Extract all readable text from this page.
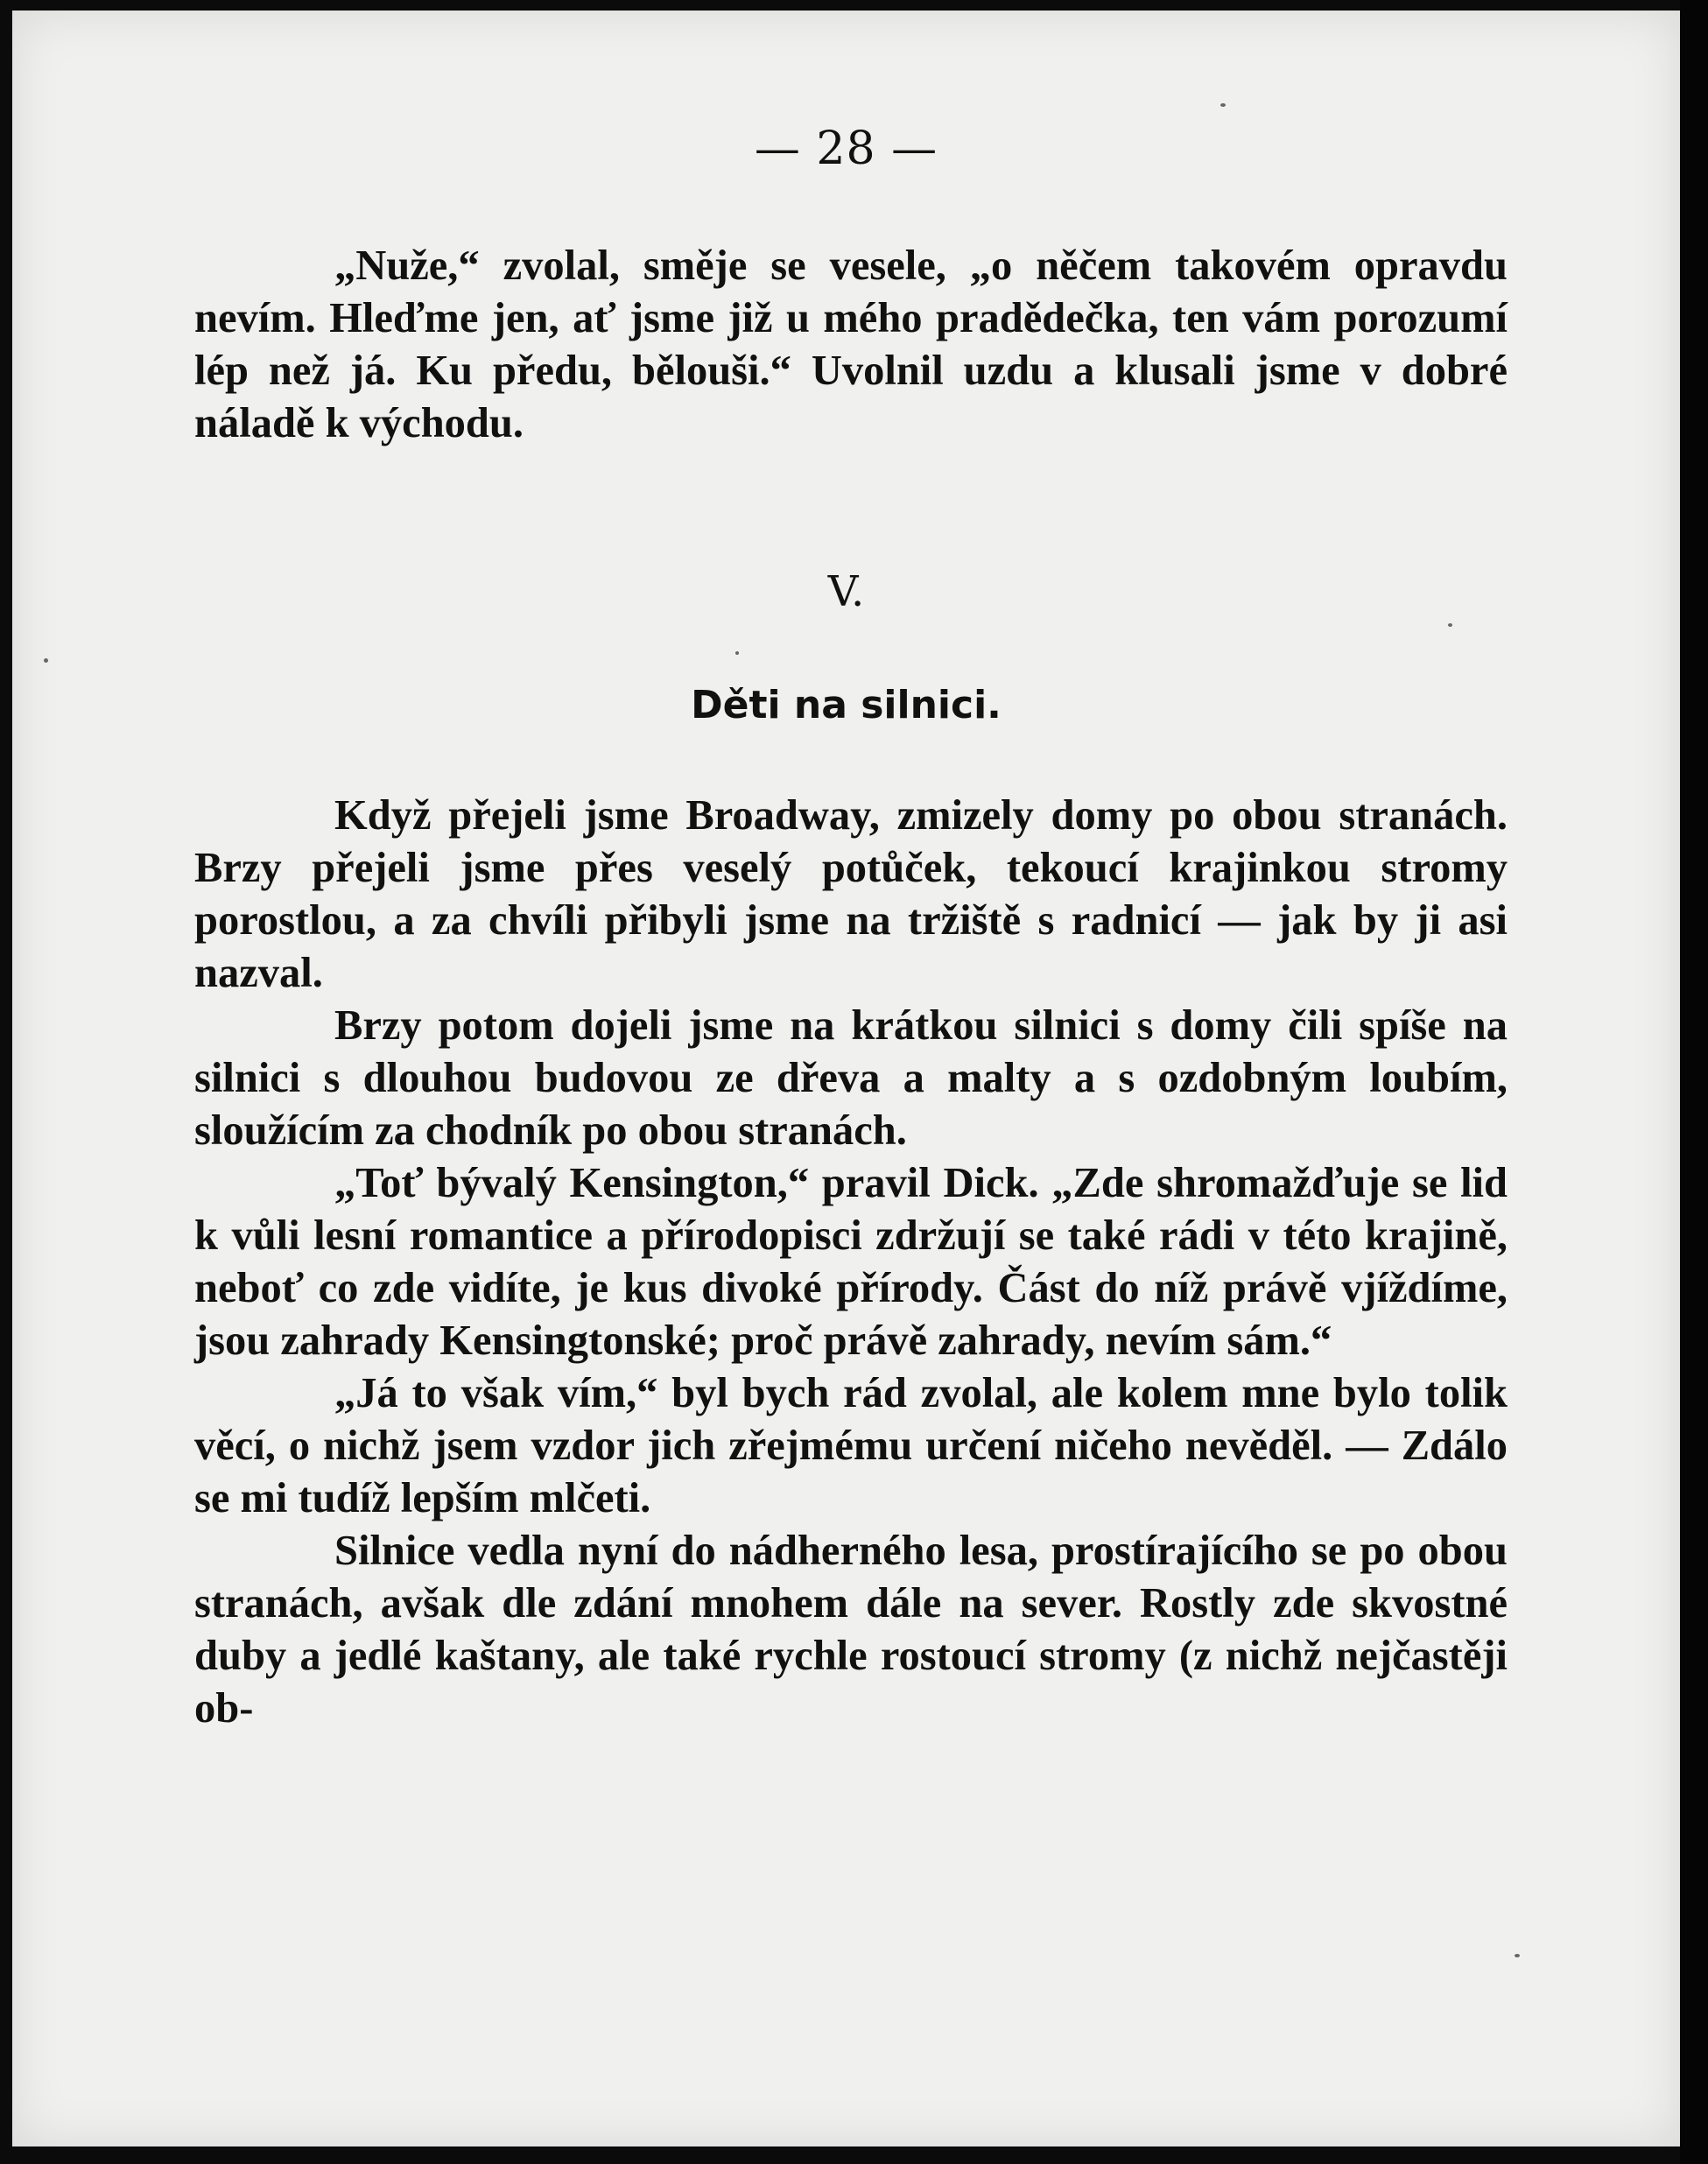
— 28 —

„Nuže,“ zvolal, směje se vesele, „o něčem takovém opravdu nevím. Hleďme jen, ať jsme již u mého pradědečka, ten vám porozumí lép než já. Ku předu, bělouši.“ Uvolnil uzdu a klusali jsme v dobré náladě k východu.

V.
Děti na silnici.

Když přejeli jsme Broadway, zmizely domy po obou stranách. Brzy přejeli jsme přes veselý potůček, tekoucí krajinkou stromy porostlou, a za chvíli přibyli jsme na tržiště s radnicí — jak by ji asi nazval.

Brzy potom dojeli jsme na krátkou silnici s domy čili spíše na silnici s dlouhou budovou ze dřeva a malty a s ozdobným loubím, sloužícím za chodník po obou stranách.

„Toť bývalý Kensington,“ pravil Dick. „Zde shromažďuje se lid k vůli lesní romantice a přírodopisci zdržují se také rádi v této krajině, neboť co zde vidíte, je kus divoké přírody. Část do níž právě vjíždíme, jsou zahrady Kensingtonské; proč právě zahrady, nevím sám.“

„Já to však vím,“ byl bych rád zvolal, ale kolem mne bylo tolik věcí, o nichž jsem vzdor jich zřejmému určení ničeho nevěděl. — Zdálo se mi tudíž lepším mlčeti.

Silnice vedla nyní do nádherného lesa, prostírajícího se po obou stranách, avšak dle zdání mnohem dále na sever. Rostly zde skvostné duby a jedlé kaštany, ale také rychle rostoucí stromy (z nichž nejčastěji ob-
